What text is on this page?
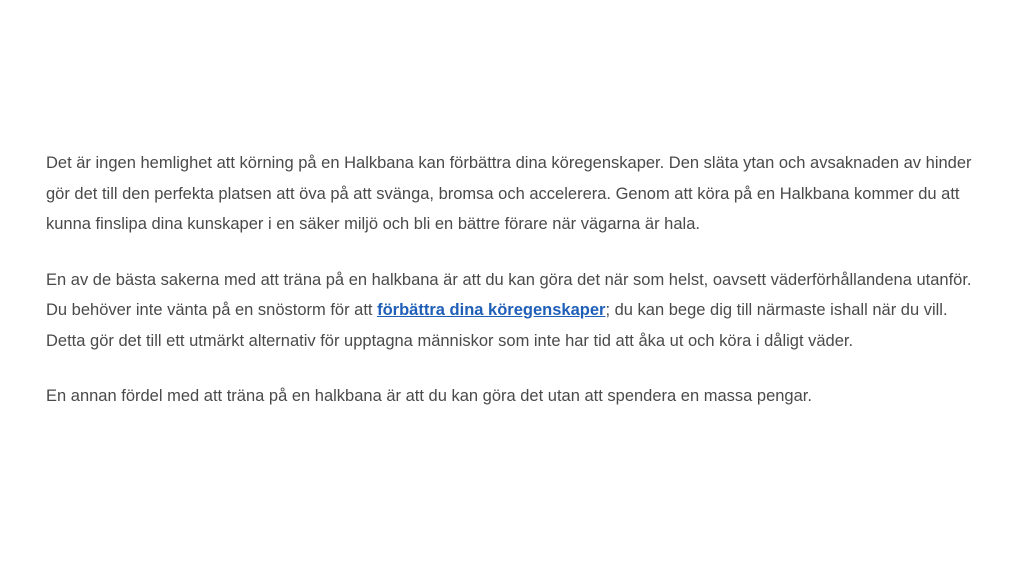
Det är ingen hemlighet att körning på en Halkbana kan förbättra dina köregenskaper. Den släta ytan och avsaknaden av hinder gör det till den perfekta platsen att öva på att svänga, bromsa och accelerera. Genom att köra på en Halkbana kommer du att kunna finslipa dina kunskaper i en säker miljö och bli en bättre förare när vägarna är hala.

En av de bästa sakerna med att träna på en halkbana är att du kan göra det när som helst, oavsett väderförhållandena utanför. Du behöver inte vänta på en snöstorm för att förbättra dina köregenskaper; du kan bege dig till närmaste ishall när du vill. Detta gör det till ett utmärkt alternativ för upptagna människor som inte har tid att åka ut och köra i dåligt väder.

En annan fördel med att träna på en halkbana är att du kan göra det utan att spendera en massa pengar.
